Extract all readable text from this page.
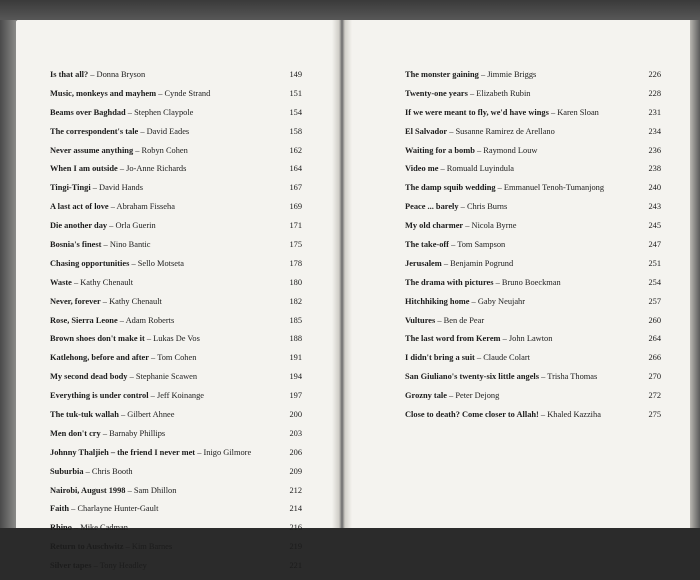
Is that all? – Donna Bryson	149
Music, monkeys and mayhem – Cynde Strand	151
Beams over Baghdad – Stephen Claypole	154
The correspondent's tale – David Eades	158
Never assume anything – Robyn Cohen	162
When I am outside – Jo-Anne Richards	164
Tingi-Tingi – David Hands	167
A last act of love – Abraham Fisseha	169
Die another day – Orla Guerin	171
Bosnia's finest – Nino Bantic	175
Chasing opportunities – Sello Motseta	178
Waste – Kathy Chenault	180
Never, forever – Kathy Chenault	182
Rose, Sierra Leone – Adam Roberts	185
Brown shoes don't make it – Lukas De Vos	188
Katlehong, before and after – Tom Cohen	191
My second dead body – Stephanie Scawen	194
Everything is under control – Jeff Koinange	197
The tuk-tuk wallah – Gilbert Ahnee	200
Men don't cry – Barnaby Phillips	203
Johnny Thaljieh – the friend I never met – Inigo Gilmore	206
Suburbia – Chris Booth	209
Nairobi, August 1998 – Sam Dhillon	212
Faith – Charlayne Hunter-Gault	214
Rhino – Mike Cadman	216
Return to Auschwitz – Kim Barnes	219
Silver tapes – Tony Headley	221
The monster gaining – Jimmie Briggs	226
Twenty-one years – Elizabeth Rubin	228
If we were meant to fly, we'd have wings – Karen Sloan	231
El Salvador – Susanne Ramirez de Arellano	234
Waiting for a bomb – Raymond Louw	236
Video me – Romuald Luyindula	238
The damp squib wedding – Emmanuel Tenoh-Tumanjong	240
Peace ... barely – Chris Burns	243
My old charmer – Nicola Byrne	245
The take-off – Tom Sampson	247
Jerusalem – Benjamin Pogrund	251
The drama with pictures – Bruno Boeckman	254
Hitchhiking home – Gaby Neujahr	257
Vultures – Ben de Pear	260
The last word from Kerem – John Lawton	264
I didn't bring a suit – Claude Colart	266
San Giuliano's twenty-six little angels – Trisha Thomas	270
Grozny tale – Peter Dejong	272
Close to death? Come closer to Allah! – Khaled Kazziha	275
